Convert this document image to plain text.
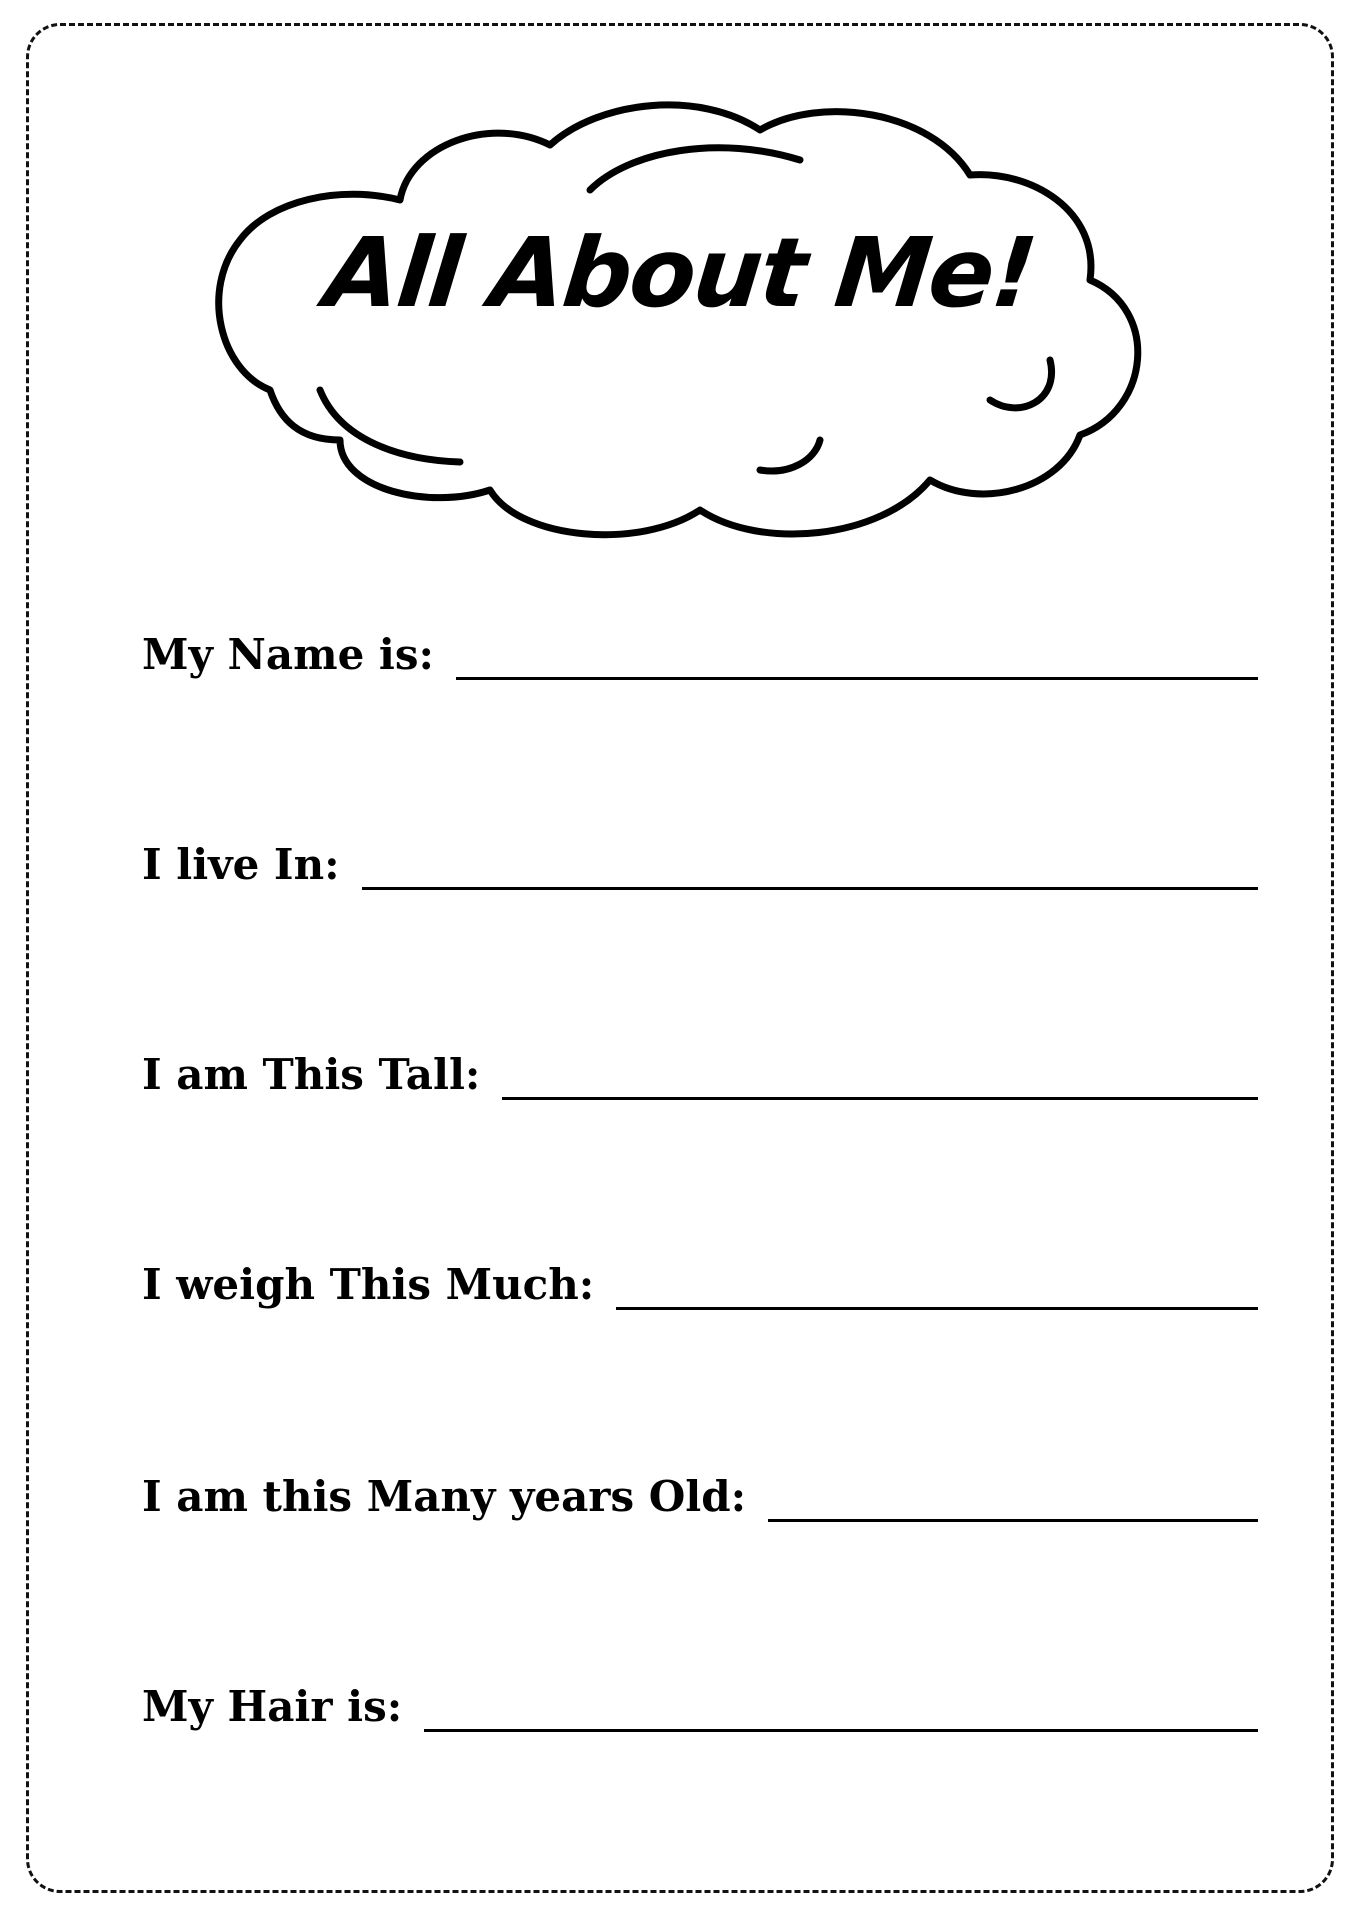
All About Me!
My Name is:
I live In:
I am This Tall:
I weigh This Much:
I am this Many years Old:
My Hair is:
